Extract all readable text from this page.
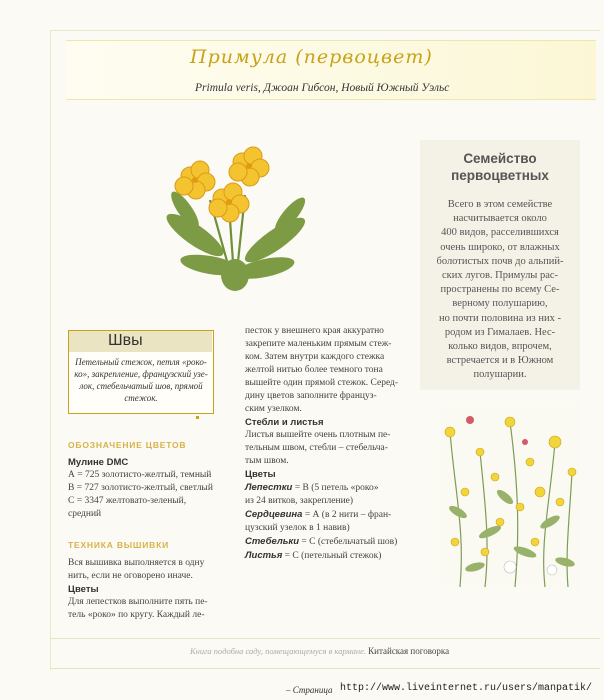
Примула (первоцвет)
Primula veris, Джоан Гибсон, Новый Южный Уэльс
Семейство
первоцветных
Всего в этом семействе
насчитывается около
400 видов, расселившихся
очень широко, от влажных
болотистых почв до альпий-
ских лугов. Примулы рас-
пространены по всему Се-
верному полушарию,
но почти половина из них -
родом из Гималаев. Нес-
колько видов, впрочем,
встречается и в Южном
полушарии.
Швы
Петельный стежок, петля «роко-
ко», закрепление, французский узе-
лок, стебельчатый шов, прямой
стежок.
ОБОЗНАЧЕНИЕ ЦВЕТОВ
Мулине DMC
А = 725 золотисто-желтый, темный
В = 727 золотисто-желтый, светлый
С = 3347 желтовато-зеленый,
средний
ТЕХНИКА ВЫШИВКИ
Вся вышивка выполняется в одну
нить, если не оговорено иначе.
Цветы
Для лепестков выполните пять пе-
тель «роко» по кругу. Каждый ле-
песток у внешнего края аккуратно
закрепите маленьким прямым стеж-
ком. Затем внутри каждого стежка
желтой нитью более темного тона
вышейте один прямой стежок. Серед-
дину цветов заполните француз-
ским узелком.
Стебли и листья
Листья вышейте очень плотным пе-
тельным швом, стебли – стебельча-
тым швом.
Цветы
Лепестки = В (5 петель «роко»
из 24 витков, закрепление)
Сердцевина = А (в 2 нити – фран-
цузский узелок в 1 навив)
Стебельки = С (стебельчатый шов)
Листья = С (петельный стежок)
Книга подобна саду, помещающемуся в кармане. Китайская поговорка
– Страница http://www.liveinternet.ru/users/manpatik/
